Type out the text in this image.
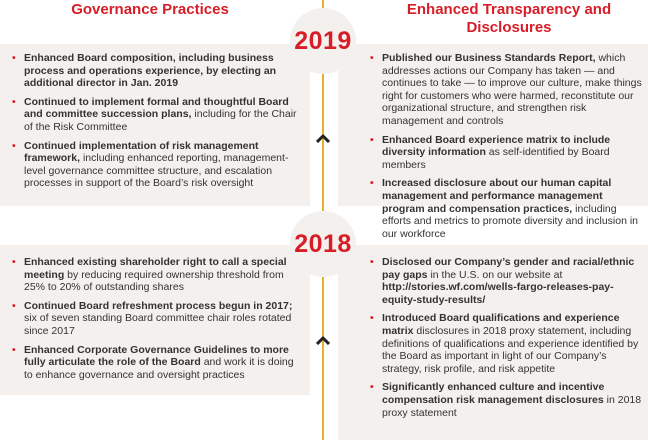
Governance Practices	Enhanced Transparency and Disclosures
2019
2018
• Enhanced Board composition, including business process and operations experience, by electing an additional director in Jan. 2019
• Continued to implement formal and thoughtful Board and committee succession plans, including for the Chair of the Risk Committee
• Continued implementation of risk management framework, including enhanced reporting, management-level governance committee structure, and escalation processes in support of the Board’s risk oversight
• Published our Business Standards Report, which addresses actions our Company has taken — and continues to take — to improve our culture, make things right for customers who were harmed, reconstitute our organizational structure, and strengthen risk management and controls
• Enhanced Board experience matrix to include diversity information as self-identified by Board members
• Increased disclosure about our human capital management and performance management program and compensation practices, including efforts and metrics to promote diversity and inclusion in our workforce
• Enhanced existing shareholder right to call a special meeting by reducing required ownership threshold from 25% to 20% of outstanding shares
• Continued Board refreshment process begun in 2017; six of seven standing Board committee chair roles rotated since 2017
• Enhanced Corporate Governance Guidelines to more fully articulate the role of the Board and work it is doing to enhance governance and oversight practices
• Disclosed our Company’s gender and racial/ethnic pay gaps in the U.S. on our website at http://stories.wf.com/wells-fargo-releases-pay-equity-study-results/
• Introduced Board qualifications and experience matrix disclosures in 2018 proxy statement, including definitions of qualifications and experience identified by the Board as important in light of our Company’s strategy, risk profile, and risk appetite
• Significantly enhanced culture and incentive compensation risk management disclosures in 2018 proxy statement
